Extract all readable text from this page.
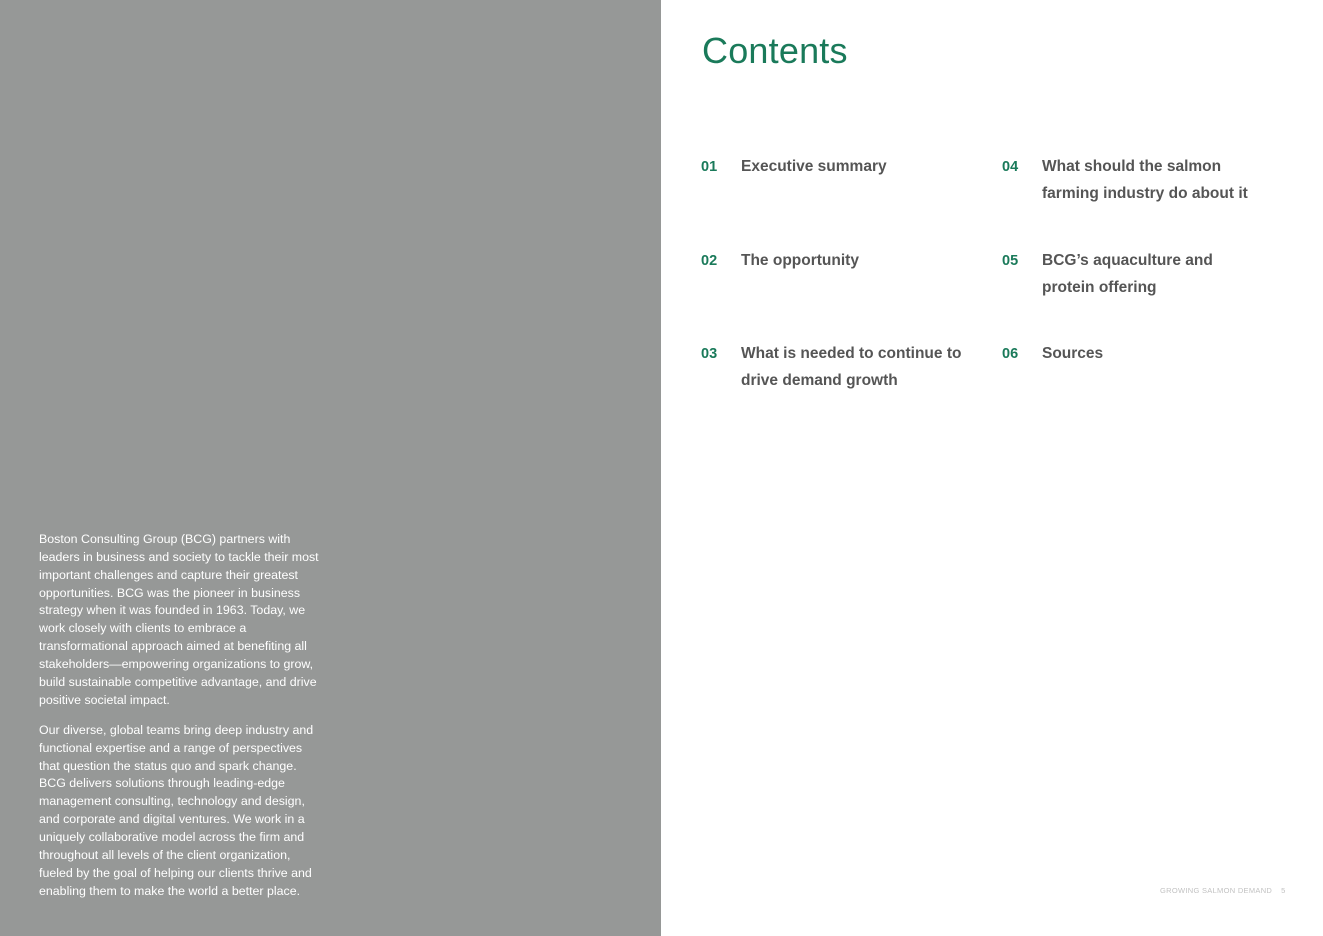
Boston Consulting Group (BCG) partners with leaders in business and society to tackle their most important challenges and capture their greatest opportunities. BCG was the pioneer in business strategy when it was founded in 1963. Today, we work closely with clients to embrace a transformational approach aimed at benefiting all stakeholders—empowering organizations to grow, build sustainable competitive advantage, and drive positive societal impact.

Our diverse, global teams bring deep industry and functional expertise and a range of perspectives that question the status quo and spark change. BCG delivers solutions through leading-edge management consulting, technology and design, and corporate and digital ventures. We work in a uniquely collaborative model across the firm and throughout all levels of the client organization, fueled by the goal of helping our clients thrive and enabling them to make the world a better place.

Contents
01 Executive summary
02 The opportunity
03 What is needed to continue to drive demand growth
04 What should the salmon farming industry do about it
05 BCG’s aquaculture and protein offering
06 Sources
GROWING SALMON DEMAND 5
